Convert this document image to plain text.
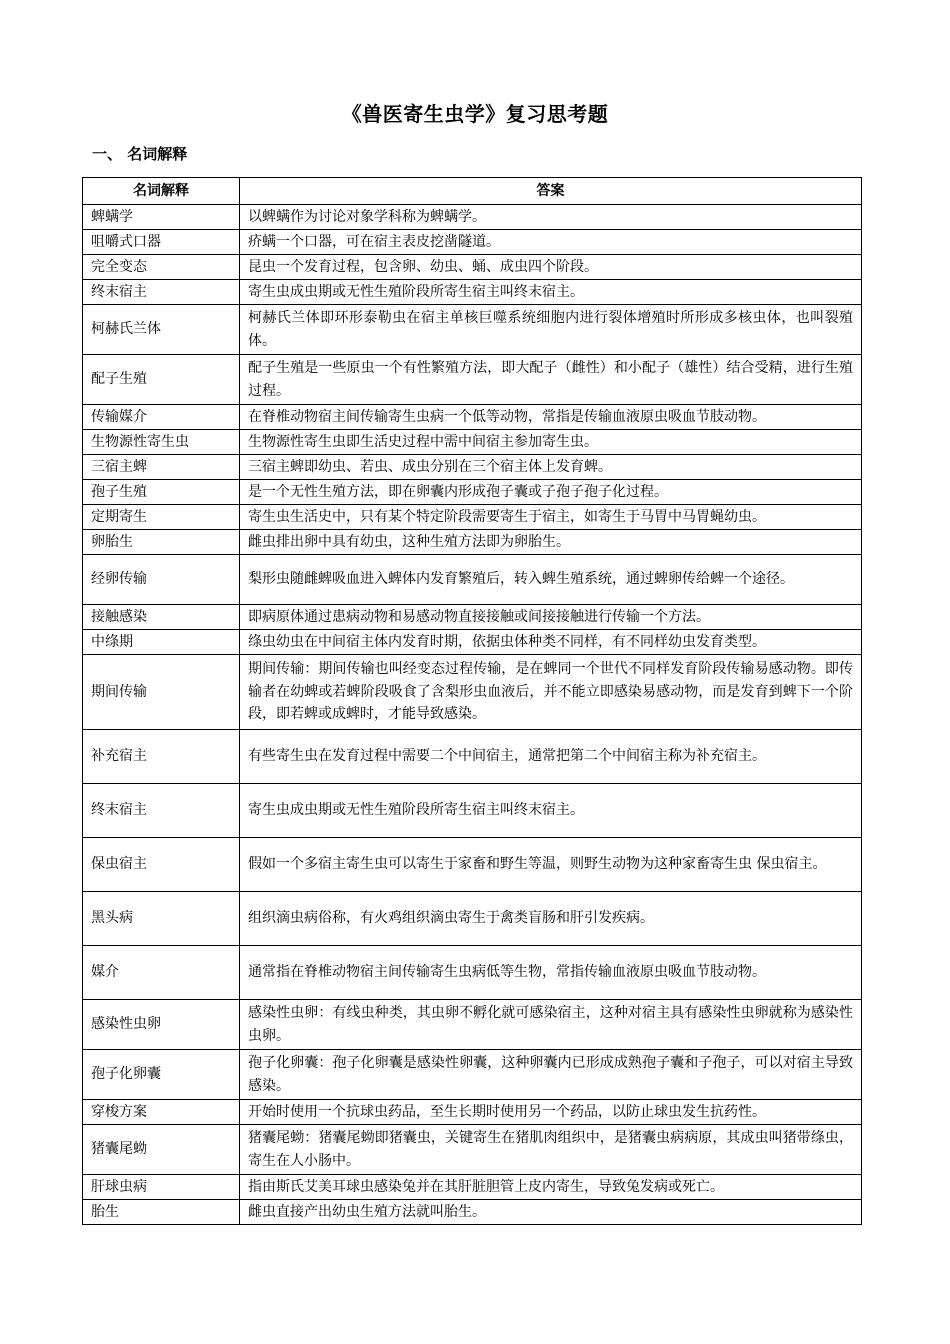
《兽医寄生虫学》复习思考题
一、 名词解释
名词解释	答案
蜱螨学	以蜱螨作为讨论对象学科称为蜱螨学。
咀嚼式口器	疥螨一个口器，可在宿主表皮挖凿隧道。
完全变态	昆虫一个发育过程，包含卵、幼虫、蛹、成虫四个阶段。
终末宿主	寄生虫成虫期或无性生殖阶段所寄生宿主叫终末宿主。
柯赫氏兰体	柯赫氏兰体即环形泰勒虫在宿主单核巨噬系统细胞内进行裂体增殖时所形成多核虫体，也叫裂殖体。
配子生殖	配子生殖是一些原虫一个有性繁殖方法，即大配子（雌性）和小配子（雄性）结合受精，进行生殖过程。
传输媒介	在脊椎动物宿主间传输寄生虫病一个低等动物，常指是传输血液原虫吸血节肢动物。
生物源性寄生虫	生物源性寄生虫即生活史过程中需中间宿主参加寄生虫。
三宿主蜱	三宿主蜱即幼虫、若虫、成虫分别在三个宿主体上发育蜱。
孢子生殖	是一个无性生殖方法，即在卵囊内形成孢子囊或子孢子孢子化过程。
定期寄生	寄生虫生活史中，只有某个特定阶段需要寄生于宿主，如寄生于马胃中马胃蝇幼虫。
卵胎生	雌虫排出卵中具有幼虫，这种生殖方法即为卵胎生。
经卵传输	梨形虫随雌蜱吸血进入蜱体内发育繁殖后，转入蜱生殖系统，通过蜱卵传给蜱一个途径。
接触感染	即病原体通过患病动物和易感动物直接接触或间接接触进行传输一个方法。
中绦期	绦虫幼虫在中间宿主体内发育时期，依据虫体种类不同样，有不同样幼虫发育类型。
期间传输	期间传输：期间传输也叫经变态过程传输，是在蜱同一个世代不同样发育阶段传输易感动物。即传输者在幼蜱或若蜱阶段吸食了含梨形虫血液后，并不能立即感染易感动物，而是发育到蜱下一个阶段，即若蜱或成蜱时，才能导致感染。
补充宿主	有些寄生虫在发育过程中需要二个中间宿主，通常把第二个中间宿主称为补充宿主。
终末宿主	寄生虫成虫期或无性生殖阶段所寄生宿主叫终末宿主。
保虫宿主	假如一个多宿主寄生虫可以寄生于家畜和野生等温，则野生动物为这种家畜寄生虫 保虫宿主。
黑头病	组织滴虫病俗称，有火鸡组织滴虫寄生于禽类盲肠和肝引发疾病。
媒介	通常指在脊椎动物宿主间传输寄生虫病低等生物，常指传输血液原虫吸血节肢动物。
感染性虫卵	感染性虫卵：有线虫种类，其虫卵不孵化就可感染宿主，这种对宿主具有感染性虫卵就称为感染性虫卵。
孢子化卵囊	孢子化卵囊：孢子化卵囊是感染性卵囊，这种卵囊内已形成成熟孢子囊和子孢子，可以对宿主导致感染。
穿梭方案	开始时使用一个抗球虫药品，至生长期时使用另一个药品，以防止球虫发生抗药性。
猪囊尾蚴	猪囊尾蚴：猪囊尾蚴即猪囊虫，关键寄生在猪肌肉组织中，是猪囊虫病病原，其成虫叫猪带绦虫，寄生在人小肠中。
肝球虫病	指由斯氏艾美耳球虫感染兔并在其肝脏胆管上皮内寄生，导致兔发病或死亡。
胎生	雌虫直接产出幼虫生殖方法就叫胎生。
